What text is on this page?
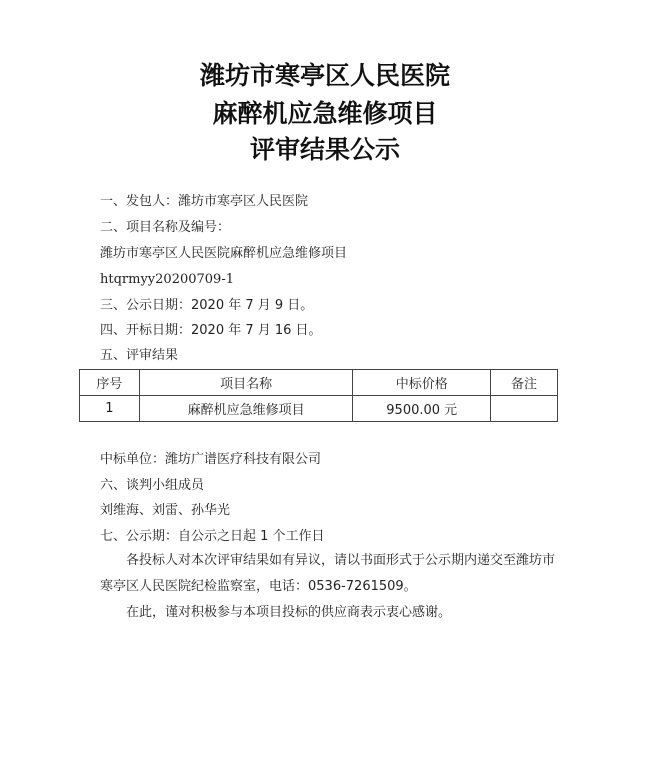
潍坊市寒亭区人民医院
麻醉机应急维修项目
评审结果公示
一、发包人：潍坊市寒亭区人民医院
二、项目名称及编号：
潍坊市寒亭区人民医院麻醉机应急维修项目
htqrmyy20200709-1
三、公示日期：2020 年 7 月 9 日。
四、开标日期：2020 年 7 月 16 日。
五、评审结果
序号	项目名称	中标价格	备注
1	麻醉机应急维修项目	9500.00 元	
中标单位：潍坊广谱医疗科技有限公司
六、谈判小组成员
刘维海、刘雷、孙华光
七、公示期：自公示之日起 1 个工作日
各投标人对本次评审结果如有异议，请以书面形式于公示期内递交至潍坊市寒亭区人民医院纪检监察室，电话：0536-7261509。
在此，谨对积极参与本项目投标的供应商表示衷心感谢。
